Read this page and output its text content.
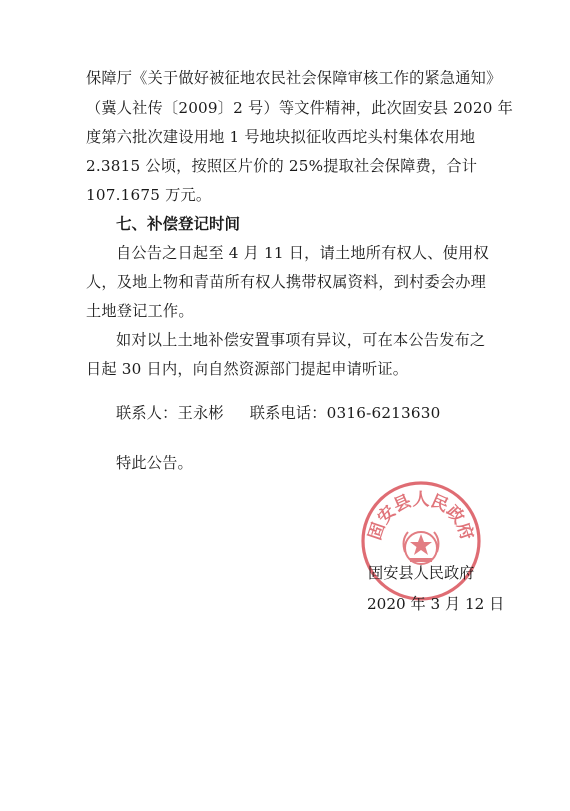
保障厅《关于做好被征地农民社会保障审核工作的紧急通知》
（冀人社传〔2009〕2 号）等文件精神，此次固安县 2020 年
度第六批次建设用地 1 号地块拟征收西坨头村集体农用地
2.3815 公顷，按照区片价的 25%提取社会保障费，合计
107.1675 万元。
七、补偿登记时间
自公告之日起至 4 月 11 日，请土地所有权人、使用权
人，及地上物和青苗所有权人携带权属资料，到村委会办理
土地登记工作。
如对以上土地补偿安置事项有异议，可在本公告发布之
日起 30 日内，向自然资源部门提起申请听证。
联系人：王永彬 联系电话：0316-6213630
特此公告。
固安县人民政府
固安县人民政府
2020 年 3 月 12 日
